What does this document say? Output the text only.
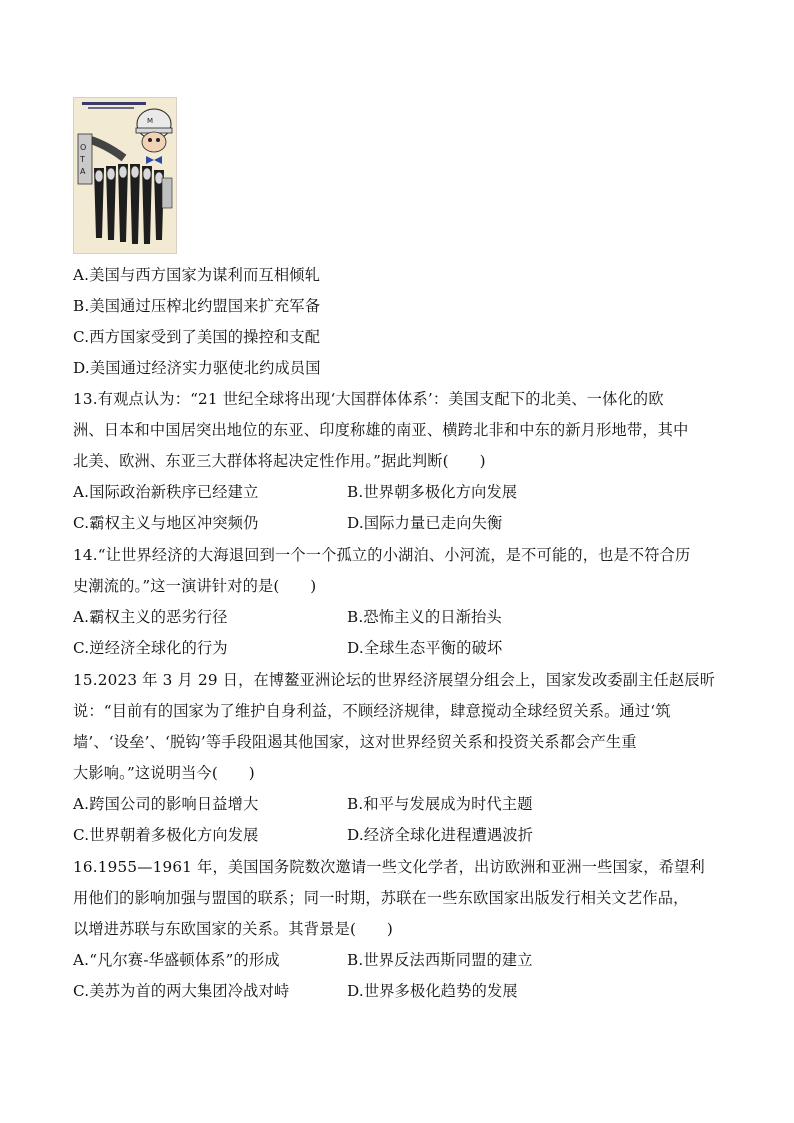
M
O
T
A
A.美国与西方国家为谋利而互相倾轧
B.美国通过压榨北约盟国来扩充军备
C.西方国家受到了美国的操控和支配
D.美国通过经济实力驱使北约成员国
13.有观点认为：“21 世纪全球将出现‘大国群体体系’：美国支配下的北美、一体化的欧
洲、日本和中国居突出地位的东亚、印度称雄的南亚、横跨北非和中东的新月形地带，其中
北美、欧洲、东亚三大群体将起决定性作用。”据此判断(　　)
A.国际政治新秩序已经建立	B.世界朝多极化方向发展
C.霸权主义与地区冲突频仍	D.国际力量已走向失衡
14.“让世界经济的大海退回到一个一个孤立的小湖泊、小河流，是不可能的，也是不符合历
史潮流的。”这一演讲针对的是(　　)
A.霸权主义的恶劣行径	B.恐怖主义的日渐抬头
C.逆经济全球化的行为	D.全球生态平衡的破坏
15.2023 年 3 月 29 日，在博鳌亚洲论坛的世界经济展望分组会上，国家发改委副主任赵辰昕
说：“目前有的国家为了维护自身利益，不顾经济规律，肆意搅动全球经贸关系。通过‘筑
墙’、‘设垒’、‘脱钩’等手段阻遏其他国家，这对世界经贸关系和投资关系都会产生重
大影响。”这说明当今(　　)
A.跨国公司的影响日益增大	B.和平与发展成为时代主题
C.世界朝着多极化方向发展	D.经济全球化进程遭遇波折
16.1955—1961 年，美国国务院数次邀请一些文化学者，出访欧洲和亚洲一些国家，希望利
用他们的影响加强与盟国的联系；同一时期，苏联在一些东欧国家出版发行相关文艺作品，
以增进苏联与东欧国家的关系。其背景是(　　)
A.“凡尔赛-华盛顿体系”的形成	B.世界反法西斯同盟的建立
C.美苏为首的两大集团冷战对峙	D.世界多极化趋势的发展
